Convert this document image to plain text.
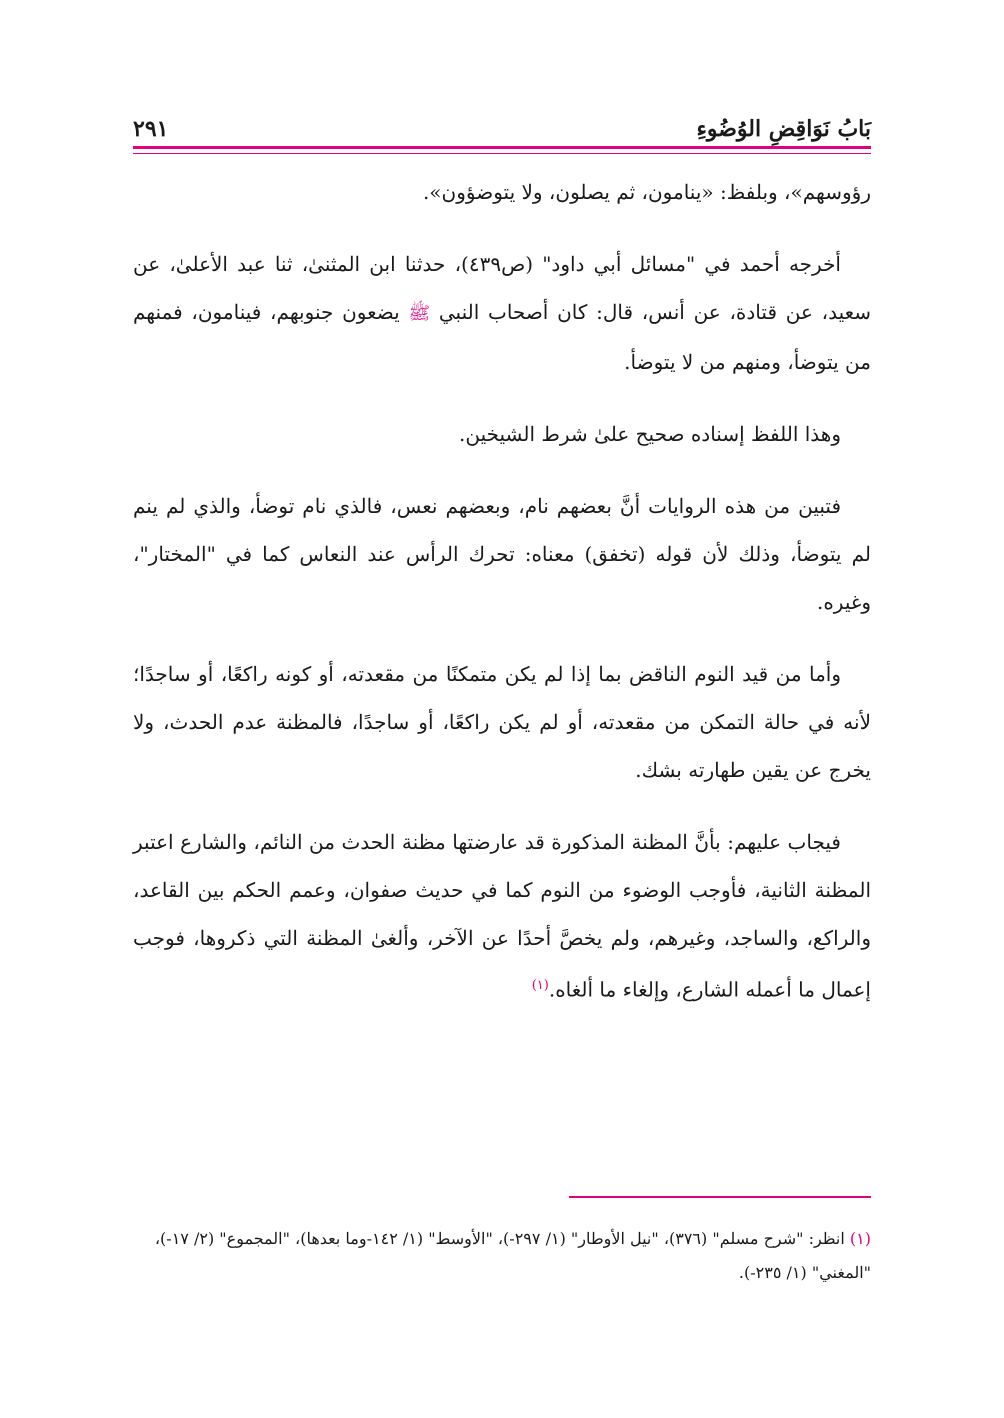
٢٩١	بَابُ نَوَاقِضِ الوُضُوءِ

رؤوسهم»، وبلفظ: «ينامون، ثم يصلون، ولا يتوضؤون».

أخرجه أحمد في "مسائل أبي داود" (ص٤٣٩)، حدثنا ابن المثنىٰ، ثنا عبد الأعلىٰ، عن سعيد، عن قتادة، عن أنس، قال: كان أصحاب النبي ﷺ يضعون جنوبهم، فينامون، فمنهم من يتوضأ، ومنهم من لا يتوضأ.

وهذا اللفظ إسناده صحيح علىٰ شرط الشيخين.

فتبين من هذه الروايات أنَّ بعضهم نام، وبعضهم نعس، فالذي نام توضأ، والذي لم ينم لم يتوضأ، وذلك لأن قوله (تخفق) معناه: تحرك الرأس عند النعاس كما في "المختار"، وغيره.

وأما من قيد النوم الناقض بما إذا لم يكن متمكنًا من مقعدته، أو كونه راكعًا، أو ساجدًا؛ لأنه في حالة التمكن من مقعدته، أو لم يكن راكعًا، أو ساجدًا، فالمظنة عدم الحدث، ولا يخرج عن يقين طهارته بشك.

فيجاب عليهم: بأنَّ المظنة المذكورة قد عارضتها مظنة الحدث من النائم، والشارع اعتبر المظنة الثانية، فأوجب الوضوء من النوم كما في حديث صفوان، وعمم الحكم بين القاعد، والراكع، والساجد، وغيرهم، ولم يخصَّ أحدًا عن الآخر، وألغىٰ المظنة التي ذكروها، فوجب إعمال ما أعمله الشارع، وإلغاء ما ألغاه.$^{(١)}$

(١) انظر: "شرح مسلم" (٣٧٦)، "نيل الأوطار" (١/ ٢٩٧-)، "الأوسط" (١/ ١٤٢-وما بعدها)، "المجموع" (٢/ ١٧-)، "المغني" (١/ ٢٣٥-).
